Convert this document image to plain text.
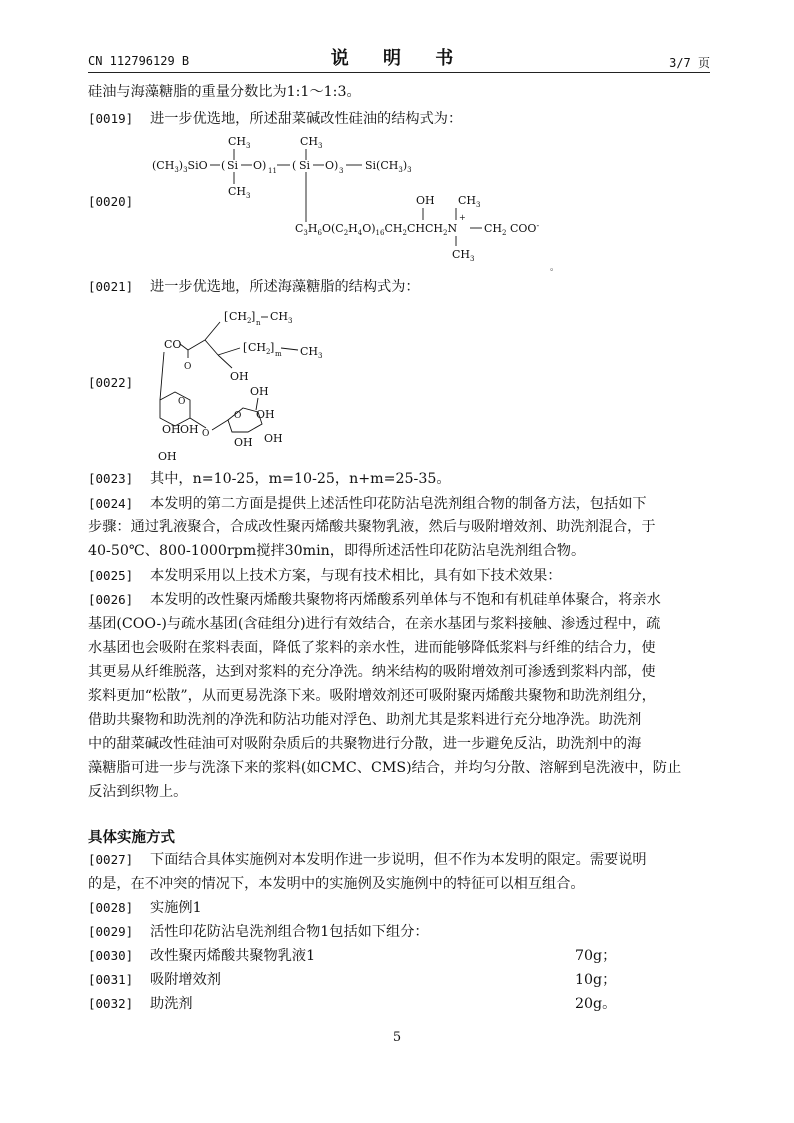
CN 112796129 B	说 明 书	3/7 页
硅油与海藻糖脂的重量分数比为1:1～1:3。
[0019] 进一步优选地，所述甜菜碱改性硅油的结构式为：
$CH_3$	$CH_3$
$(CH_3)_3SiO$ ( Si O ) 11 ( Si O ) 3 $Si(CH_3)_3$
$CH_3$	OH $CH_3$
$C_3H_6O(C_2H_4O)_{16}CH_2CHCH_2N$
+
$CH_2$ COO-
$CH_3$
。
[0020]
[0021] 进一步优选地，所述海藻糖脂的结构式为：
[ $CH_2$ ] n $CH_3$
CO
O
[ $CH_2$ ] m $CH_3$
OH
O
OH
OH
OH O
O
OH
OH
OH
OH
[0022]
[0023] 其中，n=10-25，m=10-25，n+m=25-35。
[0024] 本发明的第二方面是提供上述活性印花防沾皂洗剂组合物的制备方法，包括如下
步骤：通过乳液聚合，合成改性聚丙烯酸共聚物乳液，然后与吸附增效剂、助洗剂混合，于
40-50℃、800-1000rpm搅拌30min，即得所述活性印花防沾皂洗剂组合物。
[0025] 本发明采用以上技术方案，与现有技术相比，具有如下技术效果：
[0026] 本发明的改性聚丙烯酸共聚物将丙烯酸系列单体与不饱和有机硅单体聚合，将亲水
基团(COO-)与疏水基团(含硅组分)进行有效结合，在亲水基团与浆料接触、渗透过程中，疏
水基团也会吸附在浆料表面，降低了浆料的亲水性，进而能够降低浆料与纤维的结合力，使
其更易从纤维脱落，达到对浆料的充分净洗。纳米结构的吸附增效剂可渗透到浆料内部，使
浆料更加“松散”，从而更易洗涤下来。吸附增效剂还可吸附聚丙烯酸共聚物和助洗剂组分，
借助共聚物和助洗剂的净洗和防沾功能对浮色、助剂尤其是浆料进行充分地净洗。助洗剂
中的甜菜碱改性硅油可对吸附杂质后的共聚物进行分散，进一步避免反沾，助洗剂中的海
藻糖脂可进一步与洗涤下来的浆料(如CMC、CMS)结合，并均匀分散、溶解到皂洗液中，防止
反沾到织物上。
具体实施方式
[0027] 下面结合具体实施例对本发明作进一步说明，但不作为本发明的限定。需要说明
的是，在不冲突的情况下，本发明中的实施例及实施例中的特征可以相互组合。
[0028] 实施例1
[0029] 活性印花防沾皂洗剂组合物1包括如下组分：
[0030] 改性聚丙烯酸共聚物乳液1	70g；
[0031] 吸附增效剂	10g；
[0032] 助洗剂	20g。
5
